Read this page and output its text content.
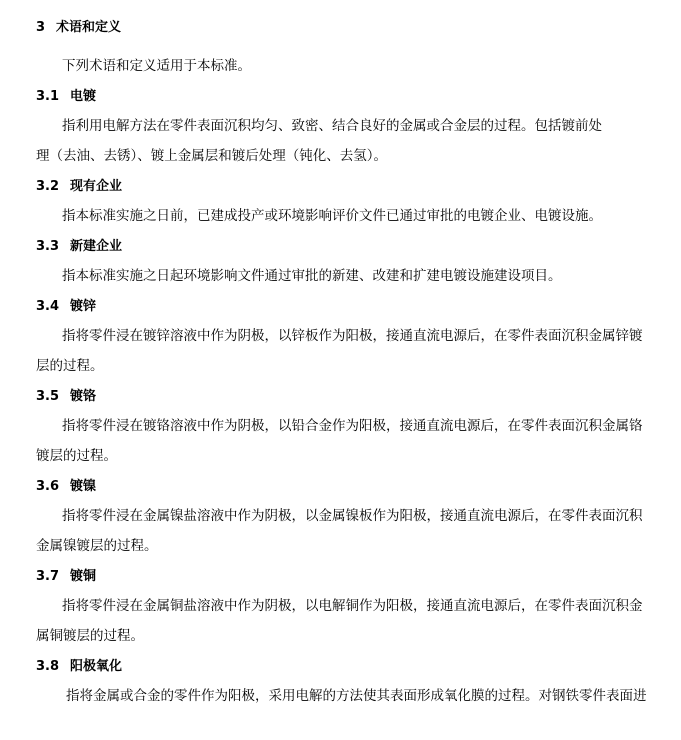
3 术语和定义
下列术语和定义适用于本标准。
3.1 电镀
指利用电解方法在零件表面沉积均匀、致密、结合良好的金属或合金层的过程。包括镀前处
理（去油、去锈）、镀上金属层和镀后处理（钝化、去氢）。
3.2 现有企业
指本标准实施之日前，已建成投产或环境影响评价文件已通过审批的电镀企业、电镀设施。
3.3 新建企业
指本标准实施之日起环境影响文件通过审批的新建、改建和扩建电镀设施建设项目。
3.4 镀锌
指将零件浸在镀锌溶液中作为阴极，以锌板作为阳极，接通直流电源后，在零件表面沉积金属锌镀
层的过程。
3.5 镀铬
指将零件浸在镀铬溶液中作为阴极，以铅合金作为阳极，接通直流电源后，在零件表面沉积金属铬
镀层的过程。
3.6 镀镍
指将零件浸在金属镍盐溶液中作为阴极，以金属镍板作为阳极，接通直流电源后，在零件表面沉积
金属镍镀层的过程。
3.7 镀铜
指将零件浸在金属铜盐溶液中作为阴极，以电解铜作为阳极，接通直流电源后，在零件表面沉积金
属铜镀层的过程。
3.8 阳极氧化
指将金属或合金的零件作为阳极，采用电解的方法使其表面形成氧化膜的过程。对钢铁零件表面进
